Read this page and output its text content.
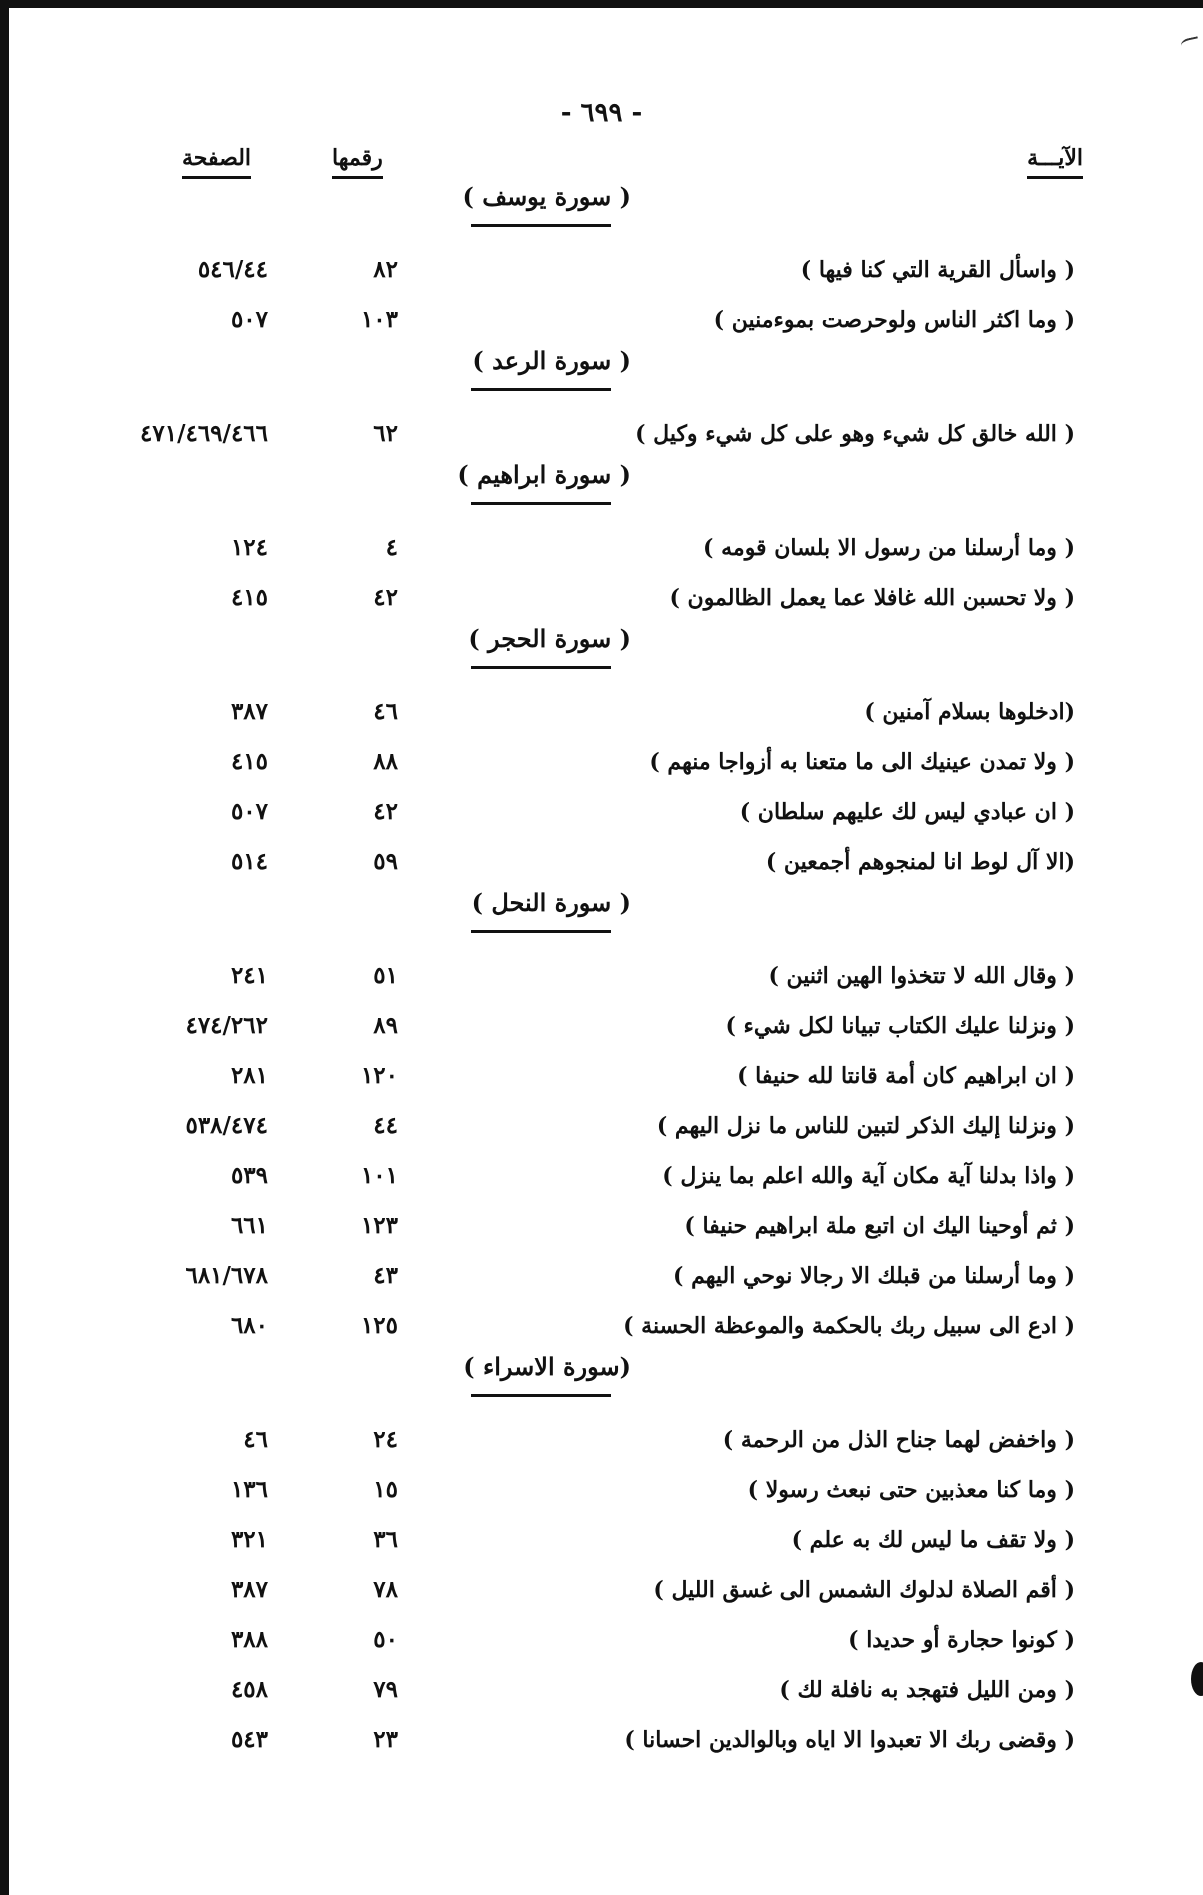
- ٦٩٩ -
الآيـــة
رقمها
الصفحة
( سورة يوسف )
( واسأل القرية التي كنا فيها )
٨٢
٥٤٦/٤٤
( وما اكثر الناس ولوحرصت بموءمنين )
١٠٣
٥٠٧
( سورة الرعد )
( الله خالق كل شيء وهو على كل شيء وكيل )
٦٢
٤٧١/٤٦٩/٤٦٦
( سورة ابراهيم )
( وما أرسلنا من رسول الا بلسان قومه )
٤
١٢٤
( ولا تحسبن الله غافلا عما يعمل الظالمون )
٤٢
٤١٥
( سورة الحجر )
(ادخلوها بسلام آمنين )
٤٦
٣٨٧
( ولا تمدن عينيك الى ما متعنا به أزواجا منهم )
٨٨
٤١٥
( ان عبادي ليس لك عليهم سلطان )
٤٢
٥٠٧
(الا آل لوط انا لمنجوهم أجمعين )
٥٩
٥١٤
( سورة النحل )
( وقال الله لا تتخذوا الهين اثنين )
٥١
٢٤١
( ونزلنا عليك الكتاب تبيانا لكل شيء )
٨٩
٤٧٤/٢٦٢
( ان ابراهيم كان أمة قانتا لله حنيفا )
١٢٠
٢٨١
( ونزلنا إليك الذكر لتبين للناس ما نزل اليهم )
٤٤
٥٣٨/٤٧٤
( واذا بدلنا آية مكان آية والله اعلم بما ينزل )
١٠١
٥٣٩
( ثم أوحينا اليك ان اتبع ملة ابراهيم حنيفا )
١٢٣
٦٦١
( وما أرسلنا من قبلك الا رجالا نوحي اليهم )
٤٣
٦٨١/٦٧٨
( ادع الى سبيل ربك بالحكمة والموعظة الحسنة )
١٢٥
٦٨٠
(سورة الاسراء )
( واخفض لهما جناح الذل من الرحمة )
٢٤
٤٦
( وما كنا معذبين حتى نبعث رسولا )
١٥
١٣٦
( ولا تقف ما ليس لك به علم )
٣٦
٣٢١
( أقم الصلاة لدلوك الشمس الى غسق الليل )
٧٨
٣٨٧
( كونوا حجارة أو حديدا )
٥٠
٣٨٨
( ومن الليل فتهجد به نافلة لك )
٧٩
٤٥٨
( وقضى ربك الا تعبدوا الا اياه وبالوالدين احسانا )
٢٣
٥٤٣
